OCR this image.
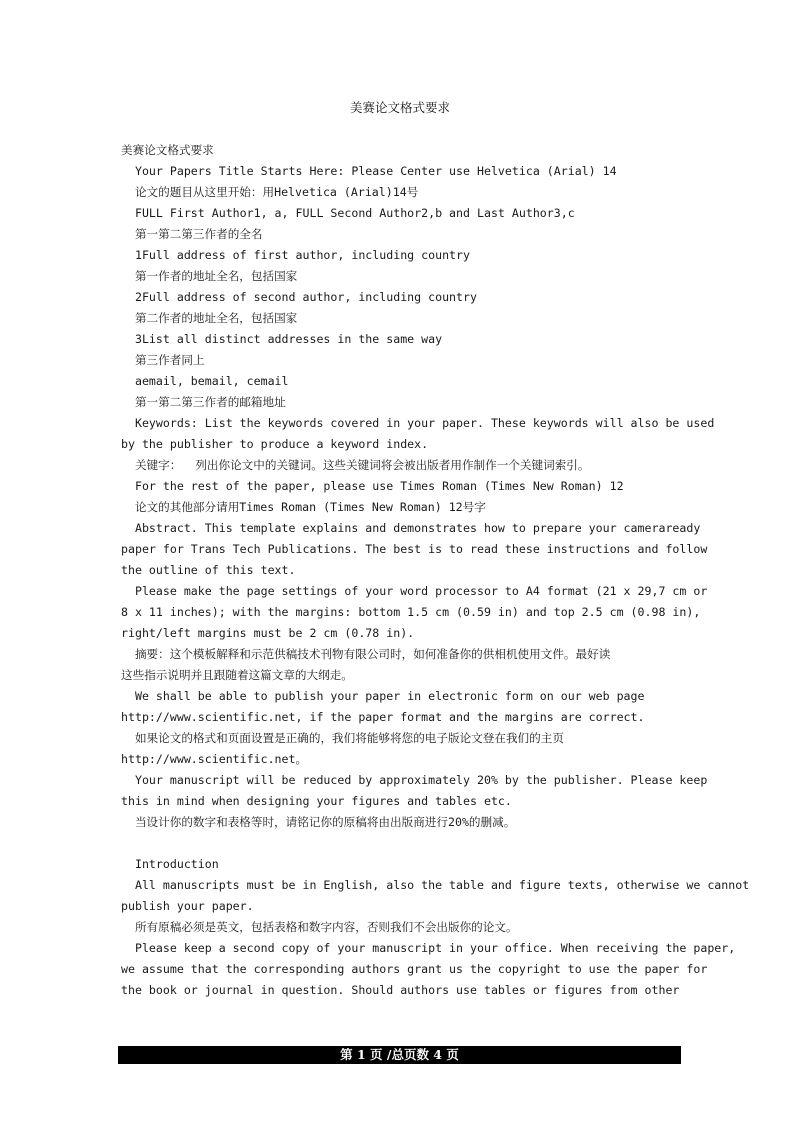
美赛论文格式要求
美赛论文格式要求
Your Papers Title Starts Here: Please Center use Helvetica (Arial) 14
论文的题目从这里开始：用Helvetica (Arial)14号
FULL First Author1, a, FULL Second Author2,b and Last Author3,c
第一第二第三作者的全名
1Full address of first author, including country
第一作者的地址全名，包括国家
2Full address of second author, including country
第二作者的地址全名，包括国家
3List all distinct addresses in the same way
第三作者同上
aemail, bemail, cemail
第一第二第三作者的邮箱地址
Keywords: List the keywords covered in your paper. These keywords will also be used
by the publisher to produce a keyword index.
关键字：  列出你论文中的关键词。这些关键词将会被出版者用作制作一个关键词索引。
For the rest of the paper, please use Times Roman (Times New Roman) 12
论文的其他部分请用Times Roman (Times New Roman) 12号字
Abstract. This template explains and demonstrates how to prepare your cameraready
paper for Trans Tech Publications. The best is to read these instructions and follow
the outline of this text.
Please make the page settings of your word processor to A4 format (21 x 29,7 cm or
8 x 11 inches); with the margins: bottom 1.5 cm (0.59 in) and top 2.5 cm (0.98 in),
right/left margins must be 2 cm (0.78 in).
摘要：这个模板解释和示范供稿技术刊物有限公司时，如何准备你的供相机使用文件。最好读
这些指示说明并且跟随着这篇文章的大纲走。
We shall be able to publish your paper in electronic form on our web page
http://www.scientific.net, if the paper format and the margins are correct.
如果论文的格式和页面设置是正确的，我们将能够将您的电子版论文登在我们的主页
http://www.scientific.net。
Your manuscript will be reduced by approximately 20% by the publisher. Please keep
this in mind when designing your figures and tables etc.
当设计你的数字和表格等时，请铭记你的原稿将由出版商进行20%的删减。
Introduction
All manuscripts must be in English, also the table and figure texts, otherwise we cannot
publish your paper.
所有原稿必须是英文，包括表格和数字内容，否则我们不会出版你的论文。
Please keep a second copy of your manuscript in your office. When receiving the paper,
we assume that the corresponding authors grant us the copyright to use the paper for
the book or journal in question. Should authors use tables or figures from other
第 1 页 /总页数 4 页
